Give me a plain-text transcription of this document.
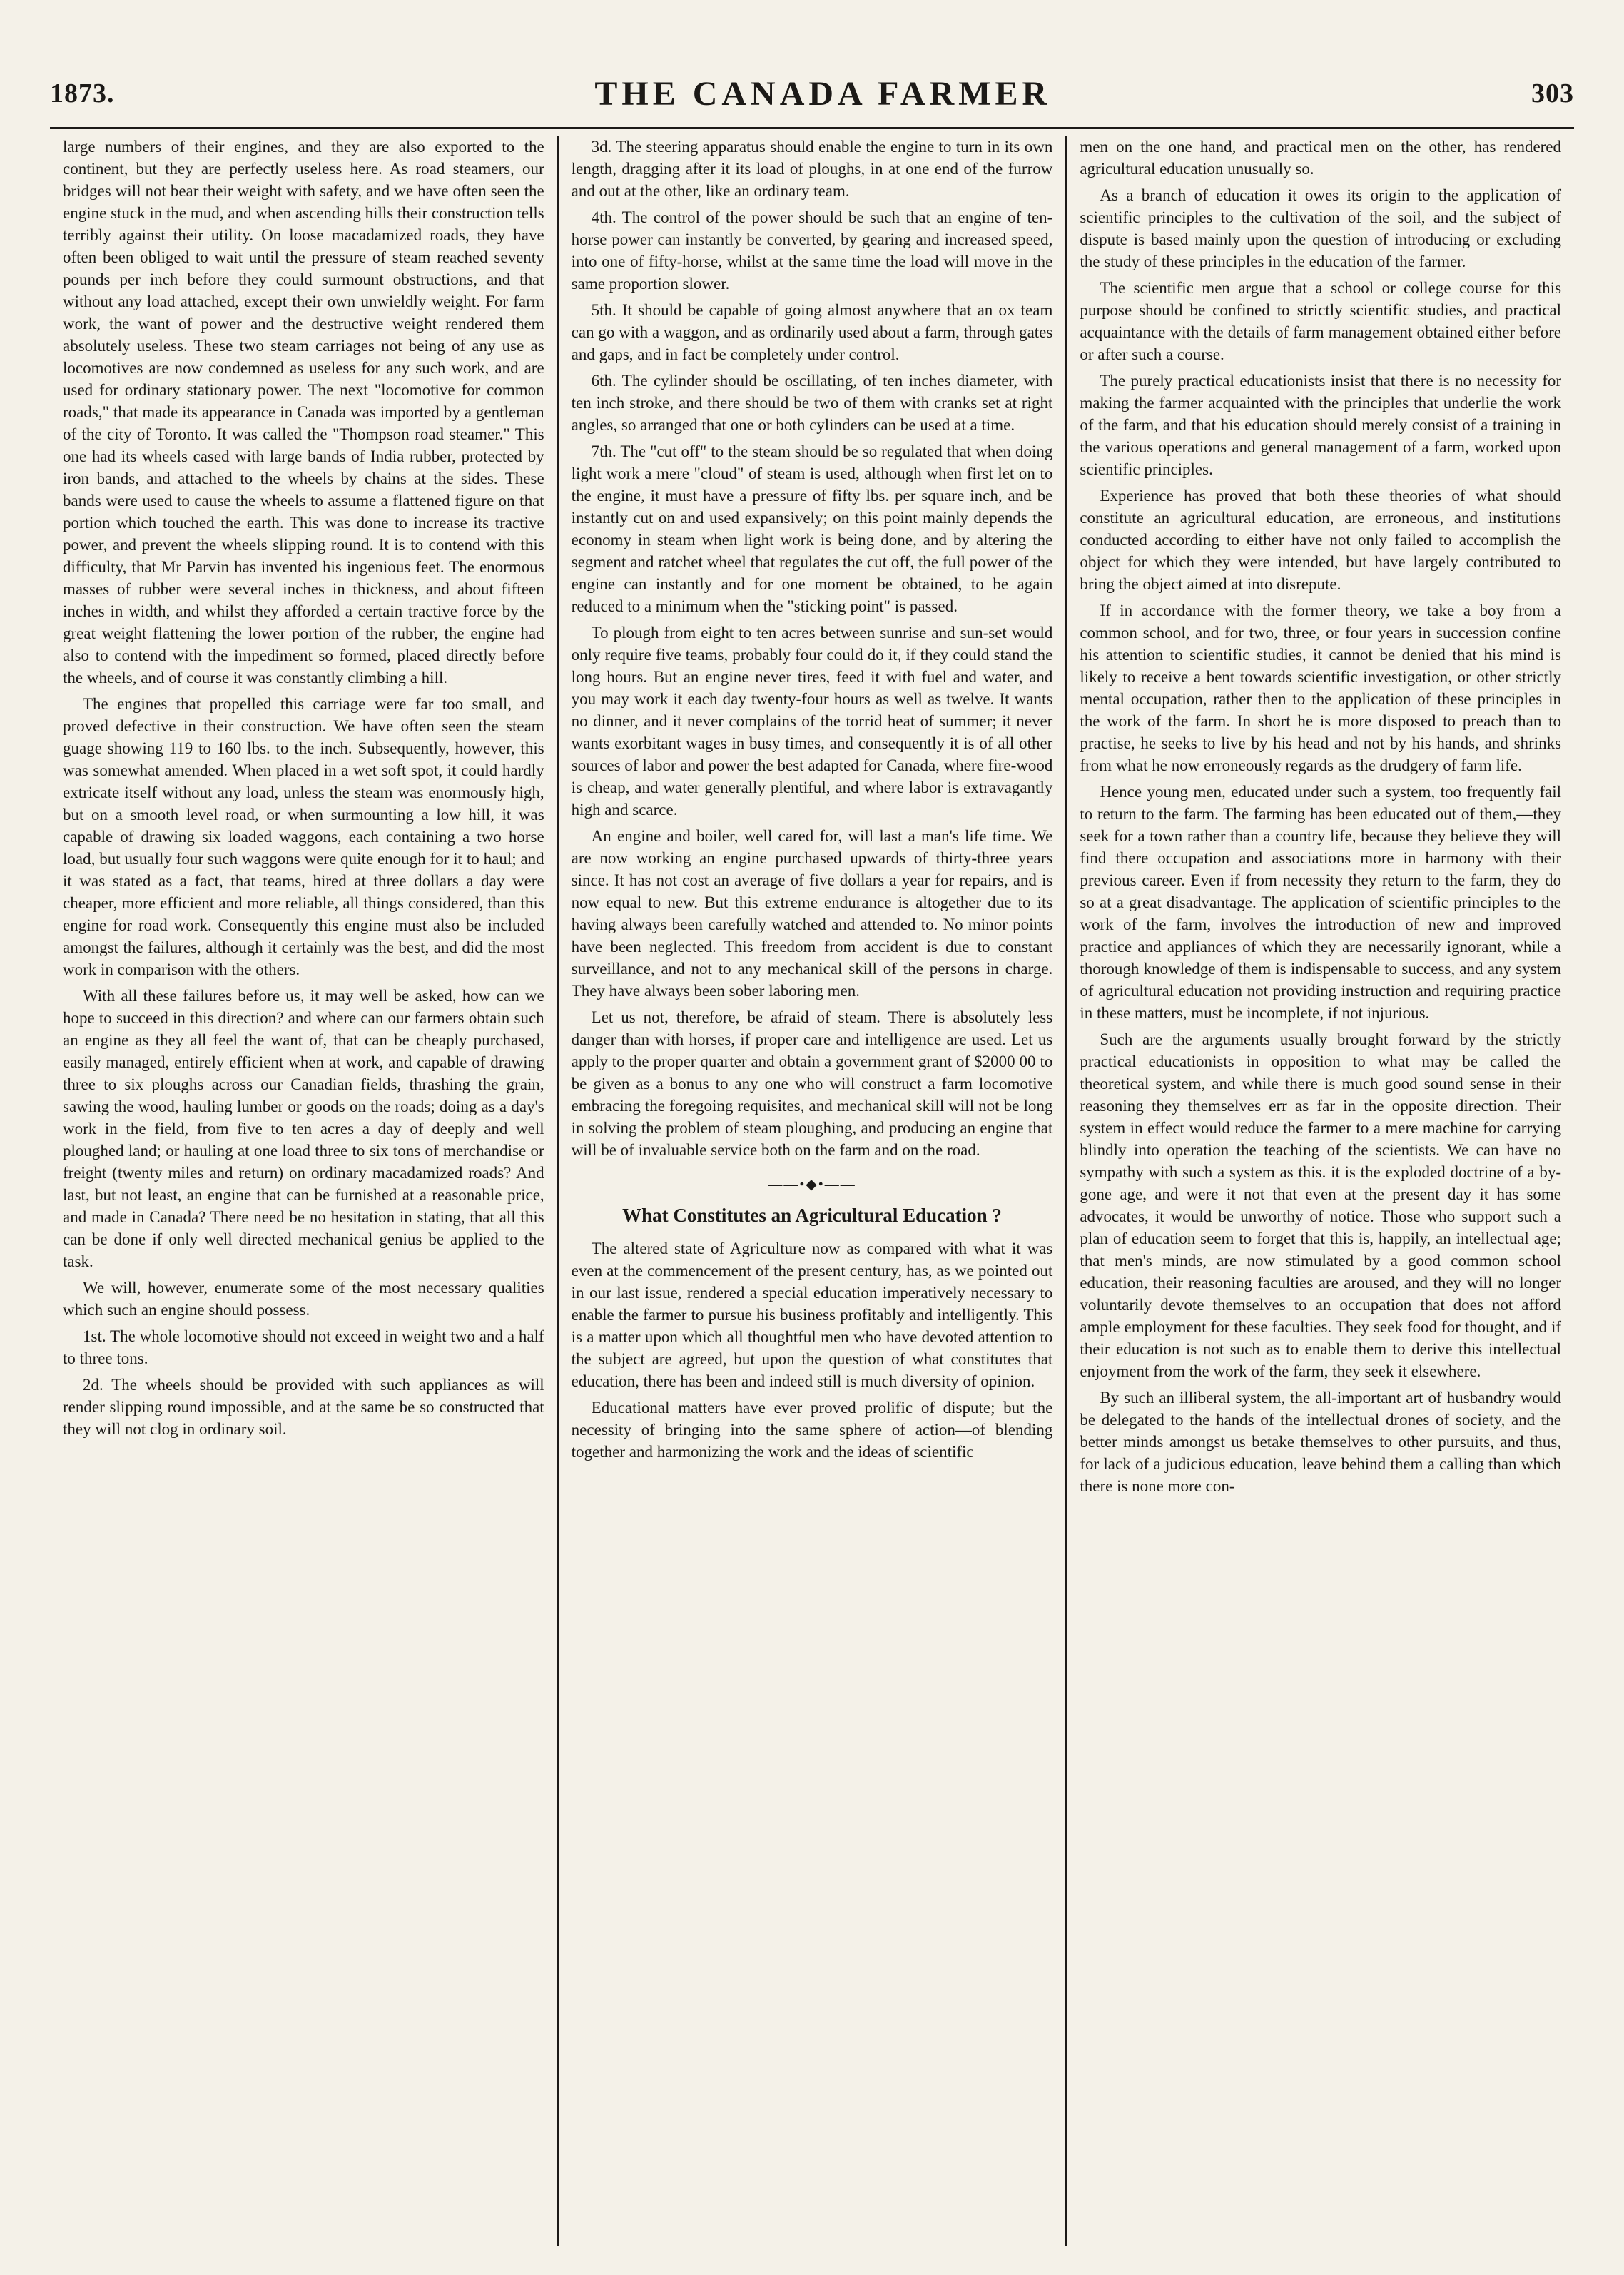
1873.	THE CANADA FARMER	303

large numbers of their engines, and they are also exported to the continent, but they are perfectly useless here. As road steamers, our bridges will not bear their weight with safety, and we have often seen the engine stuck in the mud, and when ascending hills their construction tells terribly against their utility. On loose macadamized roads, they have often been obliged to wait until the pressure of steam reached seventy pounds per inch before they could surmount obstructions, and that without any load attached, except their own unwieldly weight. For farm work, the want of power and the destructive weight rendered them absolutely useless. These two steam carriages not being of any use as locomotives are now condemned as useless for any such work, and are used for ordinary stationary power. The next "locomotive for common roads," that made its appearance in Canada was imported by a gentleman of the city of Toronto. It was called the "Thompson road steamer." This one had its wheels cased with large bands of India rubber, protected by iron bands, and attached to the wheels by chains at the sides. These bands were used to cause the wheels to assume a flattened figure on that portion which touched the earth. This was done to increase its tractive power, and prevent the wheels slipping round. It is to contend with this difficulty, that Mr Parvin has invented his ingenious feet. The enormous masses of rubber were several inches in thickness, and about fifteen inches in width, and whilst they afforded a certain tractive force by the great weight flattening the lower portion of the rubber, the engine had also to contend with the impediment so formed, placed directly before the wheels, and of course it was constantly climbing a hill.

The engines that propelled this carriage were far too small, and proved defective in their construction. We have often seen the steam guage showing 119 to 160 lbs. to the inch. Subsequently, however, this was somewhat amended. When placed in a wet soft spot, it could hardly extricate itself without any load, unless the steam was enormously high, but on a smooth level road, or when surmounting a low hill, it was capable of drawing six loaded waggons, each containing a two horse load, but usually four such waggons were quite enough for it to haul; and it was stated as a fact, that teams, hired at three dollars a day were cheaper, more efficient and more reliable, all things considered, than this engine for road work. Consequently this engine must also be included amongst the failures, although it certainly was the best, and did the most work in comparison with the others.

With all these failures before us, it may well be asked, how can we hope to succeed in this direction? and where can our farmers obtain such an engine as they all feel the want of, that can be cheaply purchased, easily managed, entirely efficient when at work, and capable of drawing three to six ploughs across our Canadian fields, thrashing the grain, sawing the wood, hauling lumber or goods on the roads; doing as a day's work in the field, from five to ten acres a day of deeply and well ploughed land; or hauling at one load three to six tons of merchandise or freight (twenty miles and return) on ordinary macadamized roads? And last, but not least, an engine that can be furnished at a reasonable price, and made in Canada? There need be no hesitation in stating, that all this can be done if only well directed mechanical genius be applied to the task.

We will, however, enumerate some of the most necessary qualities which such an engine should possess.

1st. The whole locomotive should not exceed in weight two and a half to three tons.

2d. The wheels should be provided with such appliances as will render slipping round impossible, and at the same be so constructed that they will not clog in ordinary soil.

3d. The steering apparatus should enable the engine to turn in its own length, dragging after it its load of ploughs, in at one end of the furrow and out at the other, like an ordinary team.

4th. The control of the power should be such that an engine of ten-horse power can instantly be converted, by gearing and increased speed, into one of fifty-horse, whilst at the same time the load will move in the same proportion slower.

5th. It should be capable of going almost anywhere that an ox team can go with a waggon, and as ordinarily used about a farm, through gates and gaps, and in fact be completely under control.

6th. The cylinder should be oscillating, of ten inches diameter, with ten inch stroke, and there should be two of them with cranks set at right angles, so arranged that one or both cylinders can be used at a time.

7th. The "cut off" to the steam should be so regulated that when doing light work a mere "cloud" of steam is used, although when first let on to the engine, it must have a pressure of fifty lbs. per square inch, and be instantly cut on and used expansively; on this point mainly depends the economy in steam when light work is being done, and by altering the segment and ratchet wheel that regulates the cut off, the full power of the engine can instantly and for one moment be obtained, to be again reduced to a minimum when the "sticking point" is passed.

To plough from eight to ten acres between sunrise and sun-set would only require five teams, probably four could do it, if they could stand the long hours. But an engine never tires, feed it with fuel and water, and you may work it each day twenty-four hours as well as twelve. It wants no dinner, and it never complains of the torrid heat of summer; it never wants exorbitant wages in busy times, and consequently it is of all other sources of labor and power the best adapted for Canada, where fire-wood is cheap, and water generally plentiful, and where labor is extravagantly high and scarce.

An engine and boiler, well cared for, will last a man's life time. We are now working an engine purchased upwards of thirty-three years since. It has not cost an average of five dollars a year for repairs, and is now equal to new. But this extreme endurance is altogether due to its having always been carefully watched and attended to. No minor points have been neglected. This freedom from accident is due to constant surveillance, and not to any mechanical skill of the persons in charge. They have always been sober laboring men.

Let us not, therefore, be afraid of steam. There is absolutely less danger than with horses, if proper care and intelligence are used. Let us apply to the proper quarter and obtain a government grant of $2000 00 to be given as a bonus to any one who will construct a farm locomotive embracing the foregoing requisites, and mechanical skill will not be long in solving the problem of steam ploughing, and producing an engine that will be of invaluable service both on the farm and on the road.

——•◆•——
What Constitutes an Agricultural Education ?

The altered state of Agriculture now as compared with what it was even at the commencement of the present century, has, as we pointed out in our last issue, rendered a special education imperatively necessary to enable the farmer to pursue his business profitably and intelligently. This is a matter upon which all thoughtful men who have devoted attention to the subject are agreed, but upon the question of what constitutes that education, there has been and indeed still is much diversity of opinion.

Educational matters have ever proved prolific of dispute; but the necessity of bringing into the same sphere of action—of blending together and harmonizing the work and the ideas of scientific

men on the one hand, and practical men on the other, has rendered agricultural education unusually so.

As a branch of education it owes its origin to the application of scientific principles to the cultivation of the soil, and the subject of dispute is based mainly upon the question of introducing or excluding the study of these principles in the education of the farmer.

The scientific men argue that a school or college course for this purpose should be confined to strictly scientific studies, and practical acquaintance with the details of farm management obtained either before or after such a course.

The purely practical educationists insist that there is no necessity for making the farmer acquainted with the principles that underlie the work of the farm, and that his education should merely consist of a training in the various operations and general management of a farm, worked upon scientific principles.

Experience has proved that both these theories of what should constitute an agricultural education, are erroneous, and institutions conducted according to either have not only failed to accomplish the object for which they were intended, but have largely contributed to bring the object aimed at into disrepute.

If in accordance with the former theory, we take a boy from a common school, and for two, three, or four years in succession confine his attention to scientific studies, it cannot be denied that his mind is likely to receive a bent towards scientific investigation, or other strictly mental occupation, rather then to the application of these principles in the work of the farm. In short he is more disposed to preach than to practise, he seeks to live by his head and not by his hands, and shrinks from what he now erroneously regards as the drudgery of farm life.

Hence young men, educated under such a system, too frequently fail to return to the farm. The farming has been educated out of them,—they seek for a town rather than a country life, because they believe they will find there occupation and associations more in harmony with their previous career. Even if from necessity they return to the farm, they do so at a great disadvantage. The application of scientific principles to the work of the farm, involves the introduction of new and improved practice and appliances of which they are necessarily ignorant, while a thorough knowledge of them is indispensable to success, and any system of agricultural education not providing instruction and requiring practice in these matters, must be incomplete, if not injurious.

Such are the arguments usually brought forward by the strictly practical educationists in opposition to what may be called the theoretical system, and while there is much good sound sense in their reasoning they themselves err as far in the opposite direction. Their system in effect would reduce the farmer to a mere machine for carrying blindly into operation the teaching of the scientists. We can have no sympathy with such a system as this. it is the exploded doctrine of a by-gone age, and were it not that even at the present day it has some advocates, it would be unworthy of notice. Those who support such a plan of education seem to forget that this is, happily, an intellectual age; that men's minds, are now stimulated by a good common school education, their reasoning faculties are aroused, and they will no longer voluntarily devote themselves to an occupation that does not afford ample employment for these faculties. They seek food for thought, and if their education is not such as to enable them to derive this intellectual enjoyment from the work of the farm, they seek it elsewhere.

By such an illiberal system, the all-important art of husbandry would be delegated to the hands of the intellectual drones of society, and the better minds amongst us betake themselves to other pursuits, and thus, for lack of a judicious education, leave behind them a calling than which there is none more con-
